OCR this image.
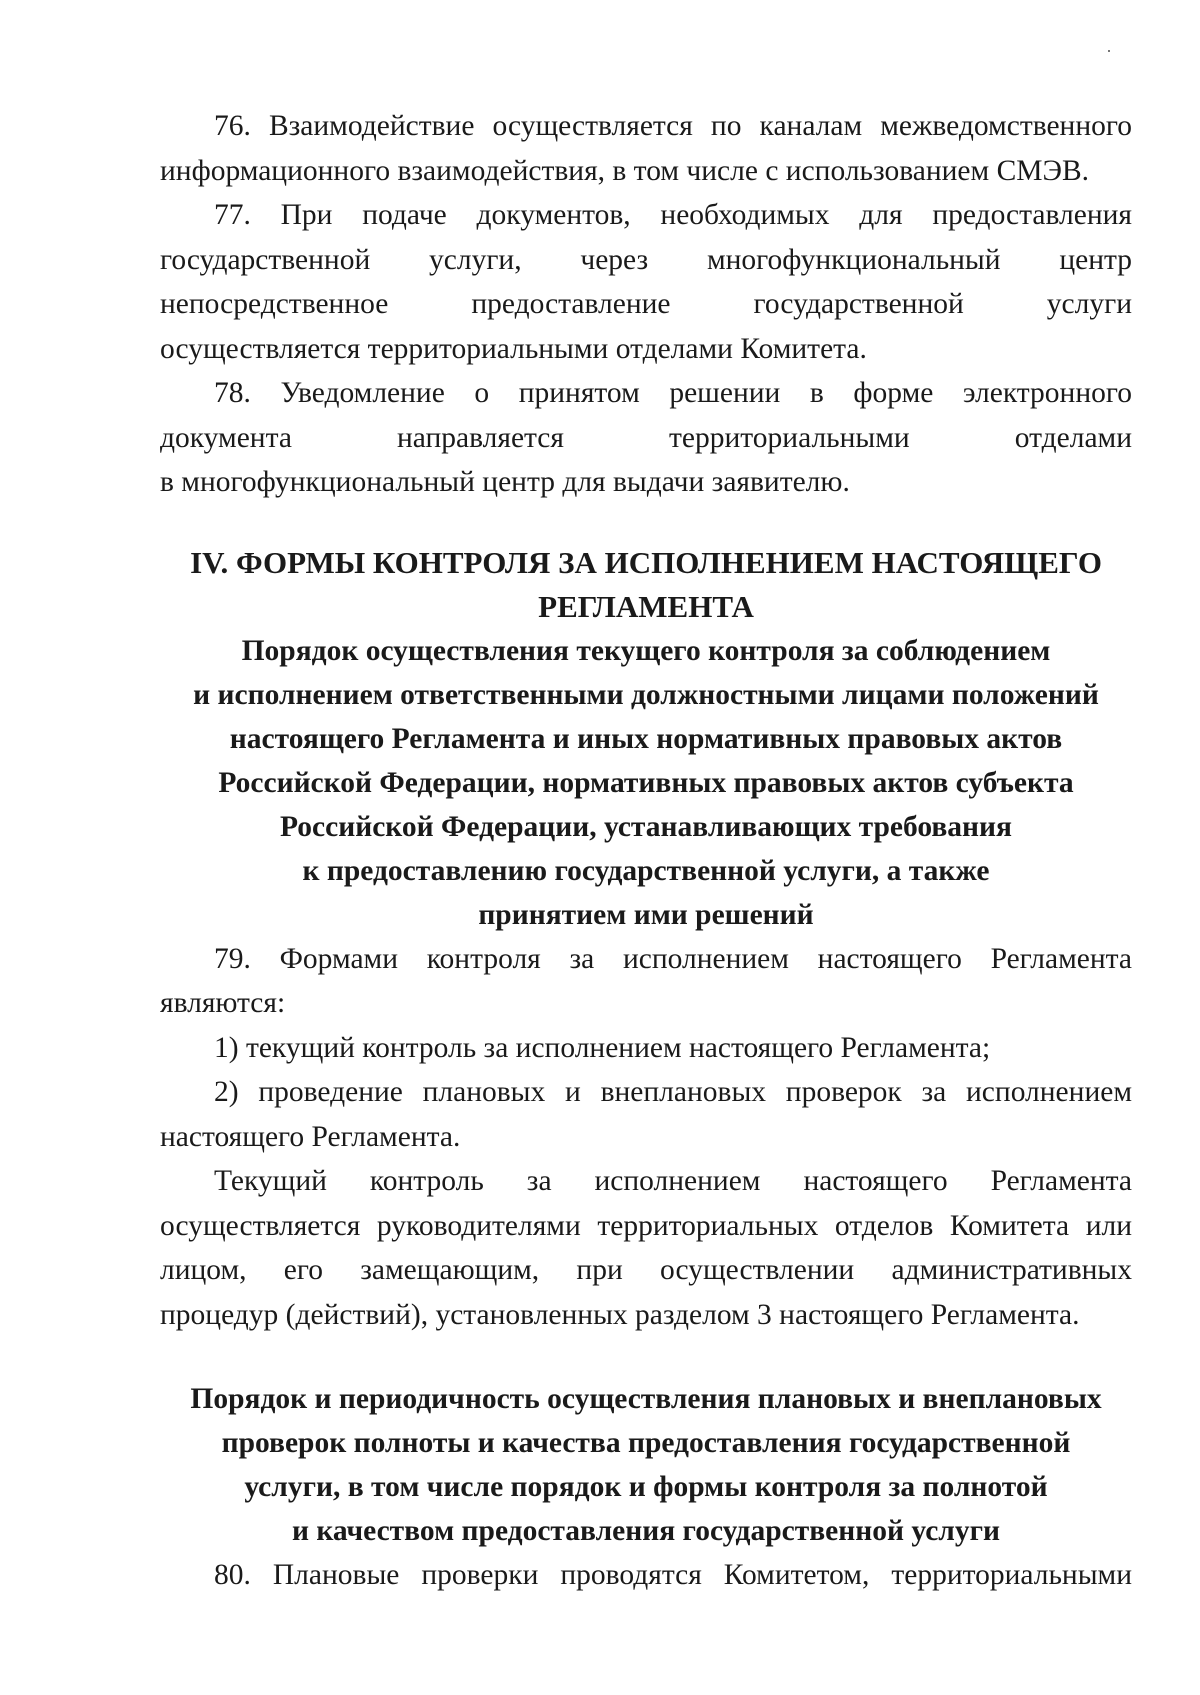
76. Взаимодействие осуществляется по каналам межведомственного
информационного взаимодействия, в том числе с использованием СМЭВ.

77. При подаче документов, необходимых для предоставления
государственной услуги, через многофункциональный центр
непосредственное предоставление государственной услуги
осуществляется территориальными отделами Комитета.

78. Уведомление о принятом решении в форме электронного
документа направляется территориальными отделами
в многофункциональный центр для выдачи заявителю.

IV. ФОРМЫ КОНТРОЛЯ ЗА ИСПОЛНЕНИЕМ НАСТОЯЩЕГО
РЕГЛАМЕНТА
Порядок осуществления текущего контроля за соблюдением
и исполнением ответственными должностными лицами положений
настоящего Регламента и иных нормативных правовых актов
Российской Федерации, нормативных правовых актов субъекта
Российской Федерации, устанавливающих требования
к предоставлению государственной услуги, а также
принятием ими решений

79. Формами контроля за исполнением настоящего Регламента
являются:

1) текущий контроль за исполнением настоящего Регламента;

2) проведение плановых и внеплановых проверок за исполнением
настоящего Регламента.

Текущий контроль за исполнением настоящего Регламента
осуществляется руководителями территориальных отделов Комитета или
лицом, его замещающим, при осуществлении административных
процедур (действий), установленных разделом 3 настоящего Регламента.

Порядок и периодичность осуществления плановых и внеплановых
проверок полноты и качества предоставления государственной
услуги, в том числе порядок и формы контроля за полнотой
и качеством предоставления государственной услуги

80. Плановые проверки проводятся Комитетом, территориальными
